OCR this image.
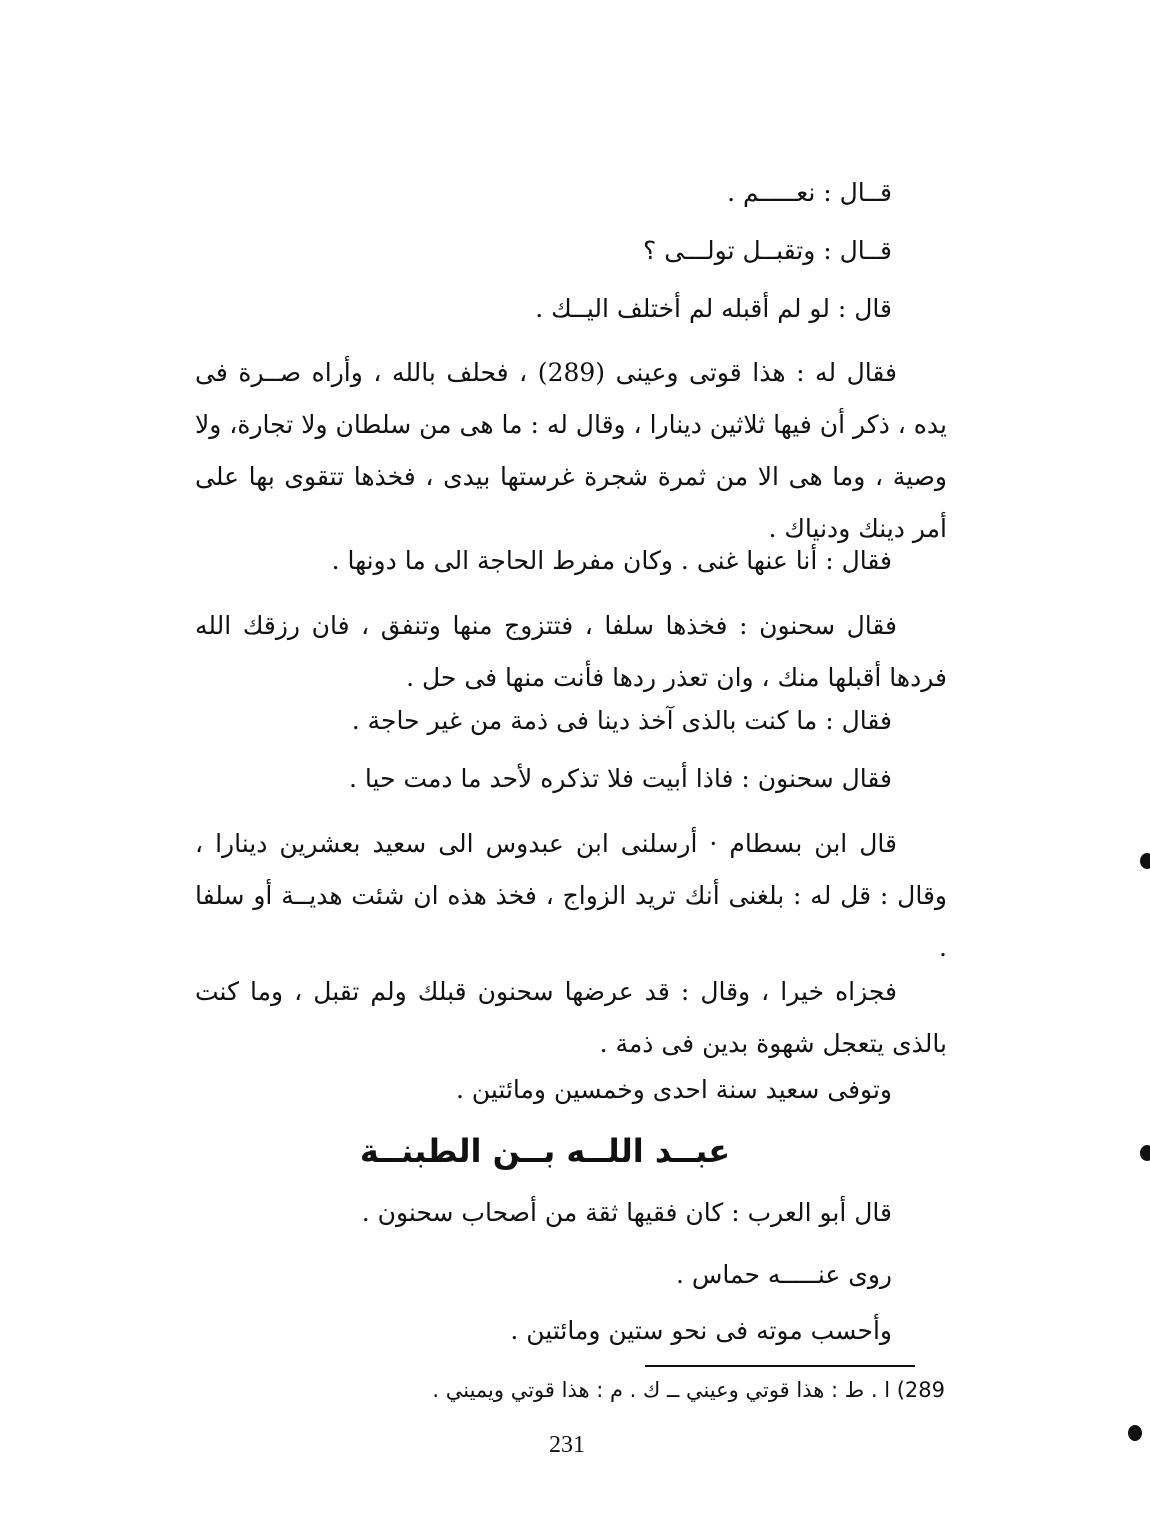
قــال : نعـــــم .
قــال : وتقبــل تولـــى ؟
قال : لو لم أقبله لم أختلف اليــك .
فقال له : هذا قوتى وعينى (289) ، فحلف بالله ، وأراه صــرة فى يده ، ذكر أن فيها ثلاثين دينارا ، وقال له : ما هى من سلطان ولا تجارة، ولا وصية ، وما هى الا من ثمرة شجرة غرستها بيدى ، فخذها تتقوى بها على أمر دينك ودنياك .
فقال : أنا عنها غنى . وكان مفرط الحاجة الى ما دونها .
فقال سحنون : فخذها سلفا ، فتتزوج منها وتنفق ، فان رزقك الله فردها أقبلها منك ، وان تعذر ردها فأنت منها فى حل .
فقال : ما كنت بالذى آخذ دينا فى ذمة من غير حاجة .
فقال سحنون : فاذا أبيت فلا تذكره لأحد ما دمت حيا .
قال ابن بسطام · أرسلنى ابن عبدوس الى سعيد بعشرين دينارا ، وقال : قل له : بلغنى أنك تريد الزواج ، فخذ هذه ان شئت هديــة أو سلفا .
فجزاه خيرا ، وقال : قد عرضها سحنون قبلك ولم تقبل ، وما كنت بالذى يتعجل شهوة بدين فى ذمة .
وتوفى سعيد سنة احدى وخمسين ومائتين .
عبــد اللــه بــن الطبنــة
قال أبو العرب : كان فقيها ثقة من أصحاب سحنون .
روى عنـــــه حماس .
وأحسب موته فى نحو ستين ومائتين .
289) ا . ط : هذا قوتي وعيني ــ ك . م : هذا قوتي ويميني .
231
